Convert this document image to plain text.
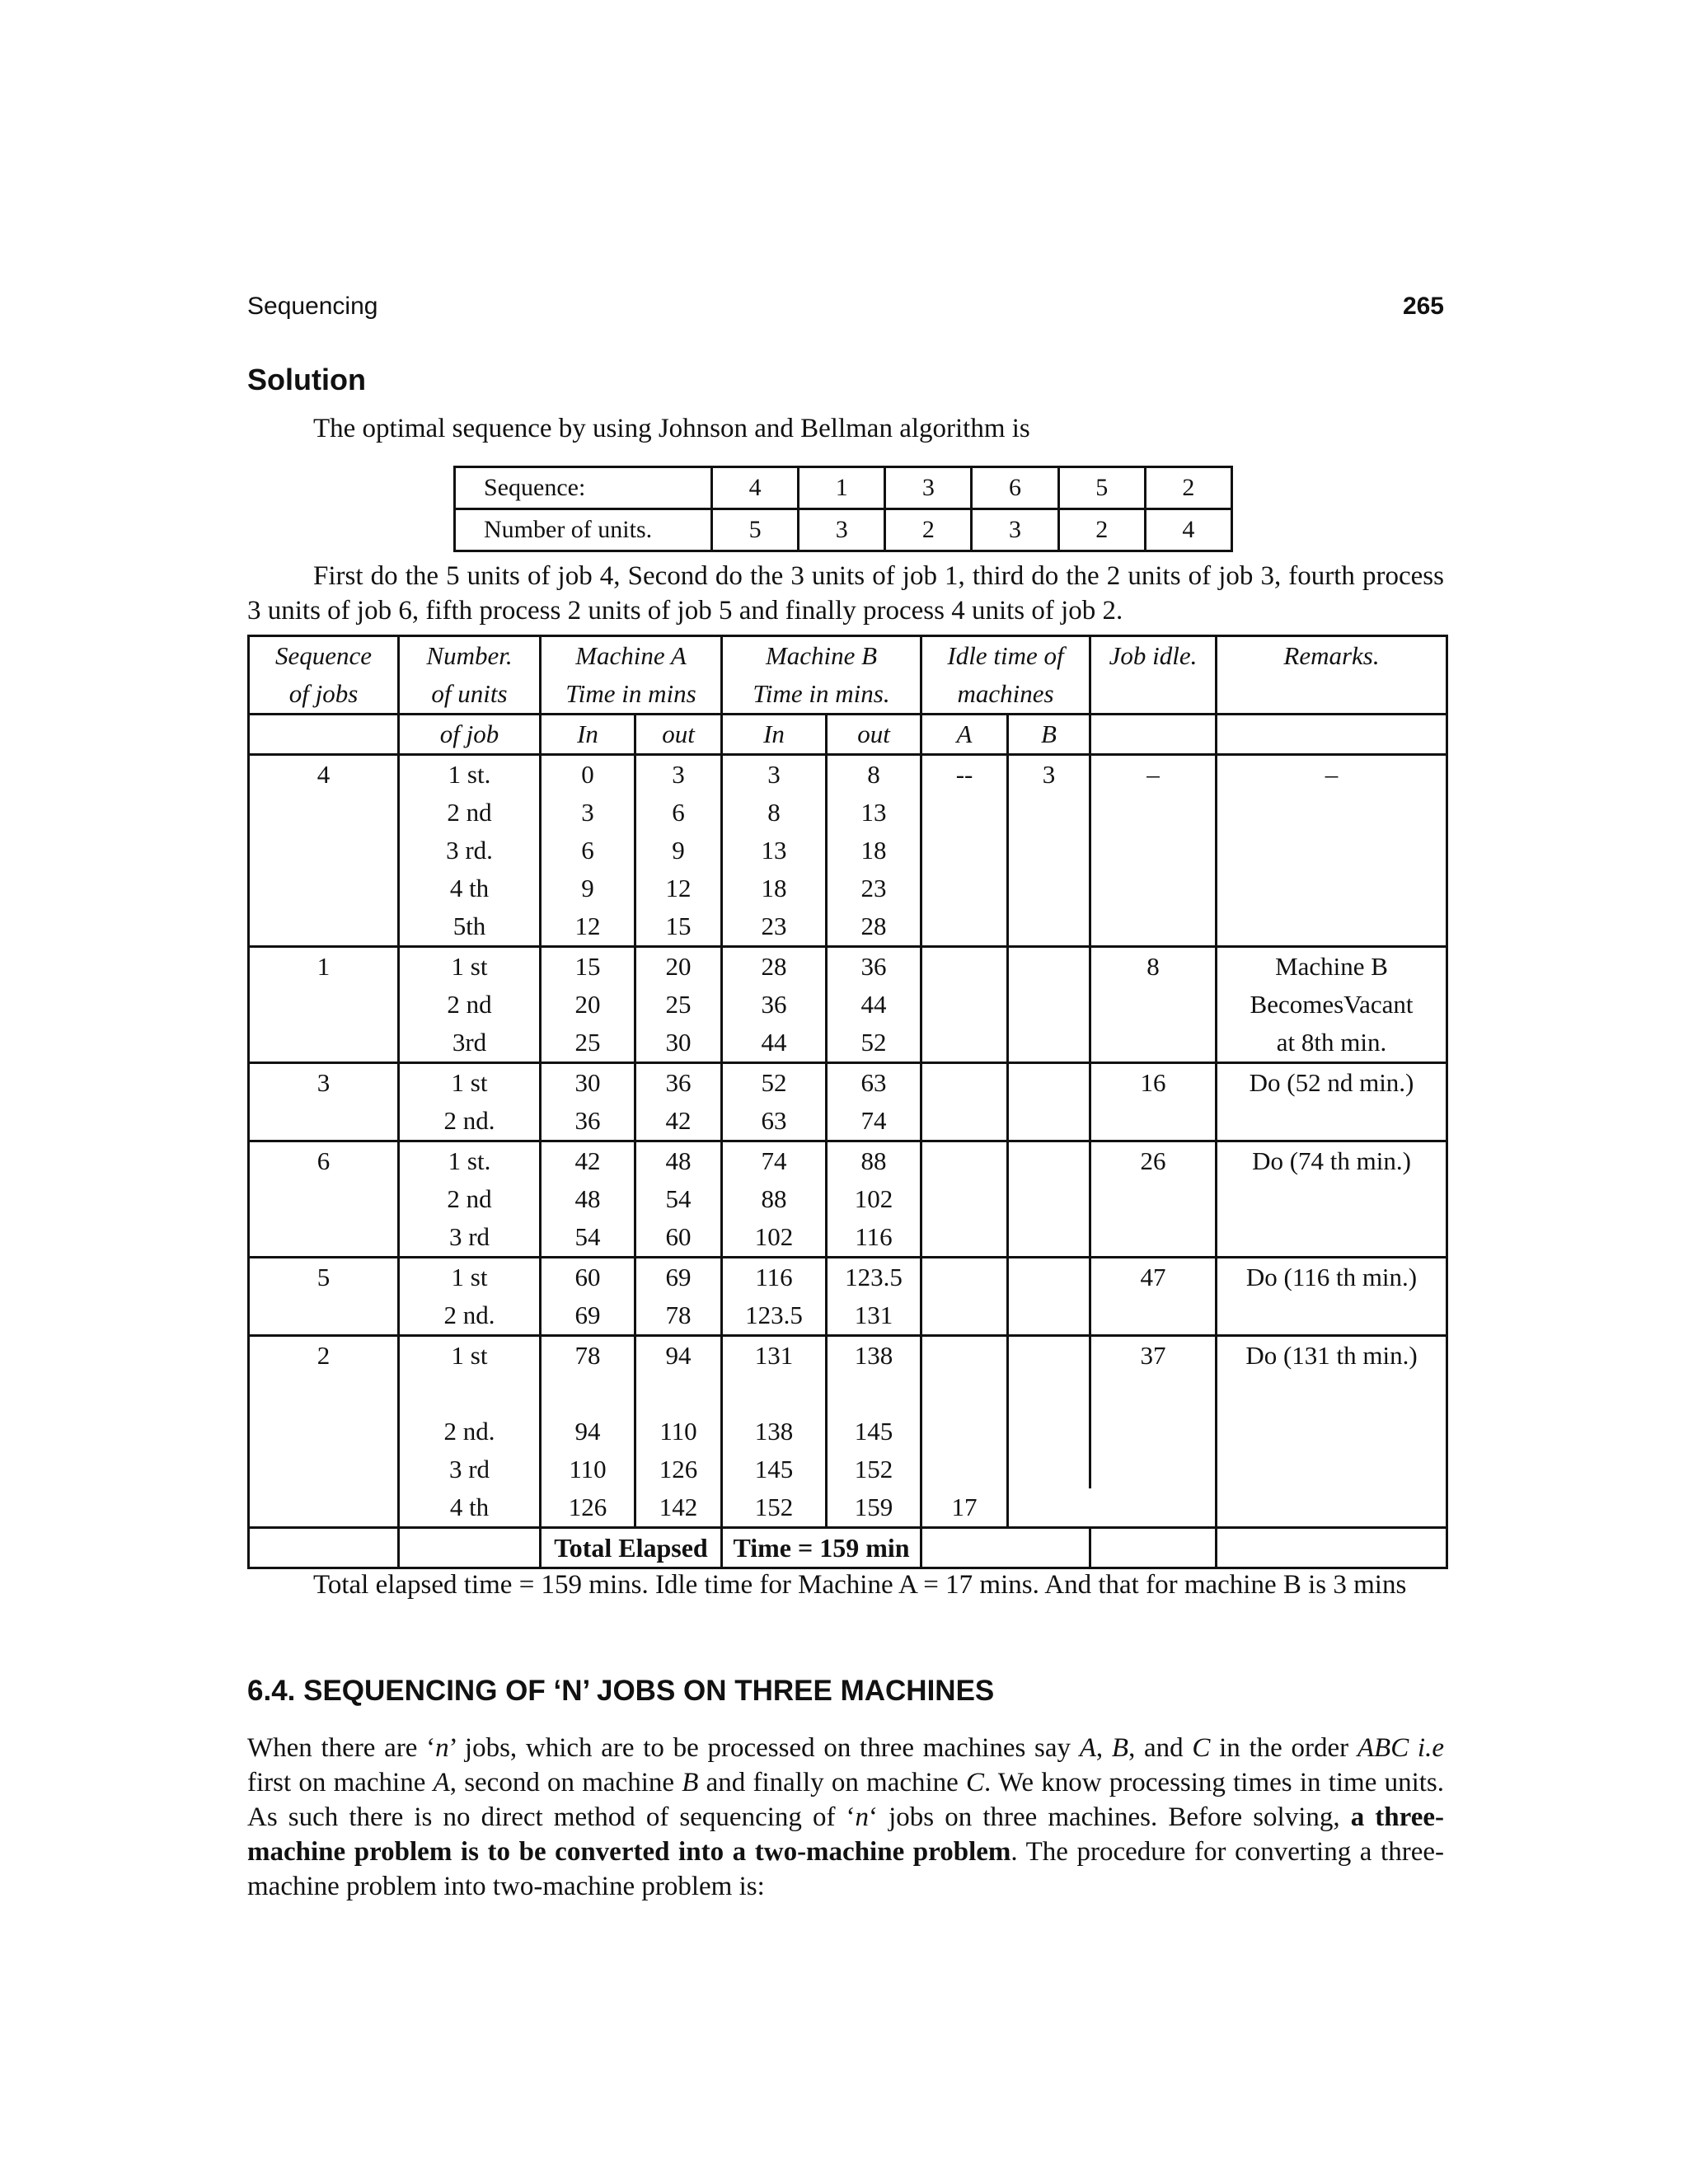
Sequencing	265
Solution
The optimal sequence by using Johnson and Bellman algorithm is
Sequence:	4	1	3	6	5	2
Number of units.	5	3	2	3	2	4
First do the 5 units of job 4, Second do the 3 units of job 1, third do the 2 units of job 3, fourth process 3 units of job 6, fifth process 2 units of job 5 and finally process 4 units of job 2.
Sequence	Number.	Machine A		Machine B		Idle time of		Job idle.	Remarks.
of jobs	of units	Time in mins		Time in mins.		machines			
	of job	In	out	In	out	A	B		
4	1 st.	0	3	3	8	--	3	–	–
	2 nd	3	6	8	13				
	3 rd.	6	9	13	18				
	4 th	9	12	18	23				
	5th	12	15	23	28				
1	1 st	15	20	28	36			8	Machine B
	2 nd	20	25	36	44				BecomesVacant
	3rd	25	30	44	52				at 8th min.
3	1 st	30	36	52	63			16	Do (52 nd min.)
	2 nd.	36	42	63	74				
6	1 st.	42	48	74	88			26	Do (74 th min.)
	2 nd	48	54	88	102				
	3 rd	54	60	102	116				
5	1 st	60	69	116	123.5			47	Do (116 th min.)
	2 nd.	69	78	123.5	131				
2	1 st	78	94	131	138			37	Do (131 th min.)
	2 nd.	94	110	138	145				
	3 rd	110	126	145	152				
	4 th	126	142	152	159	17			
		Total Elapsed		Time = 159 min					
Total elapsed time = 159 mins. Idle time for Machine A = 17 mins. And that for machine B is 3 mins
6.4. SEQUENCING OF ‘N’ JOBS ON THREE MACHINES
When there are ‘n’ jobs, which are to be processed on three machines say A, B, and C in the order ABC i.e first on machine A, second on machine B and finally on machine C. We know processing times in time units. As such there is no direct method of sequencing of ‘n‘ jobs on three machines. Before solving, a three-machine problem is to be converted into a two-machine problem. The procedure for converting a three-machine problem into two-machine problem is:
